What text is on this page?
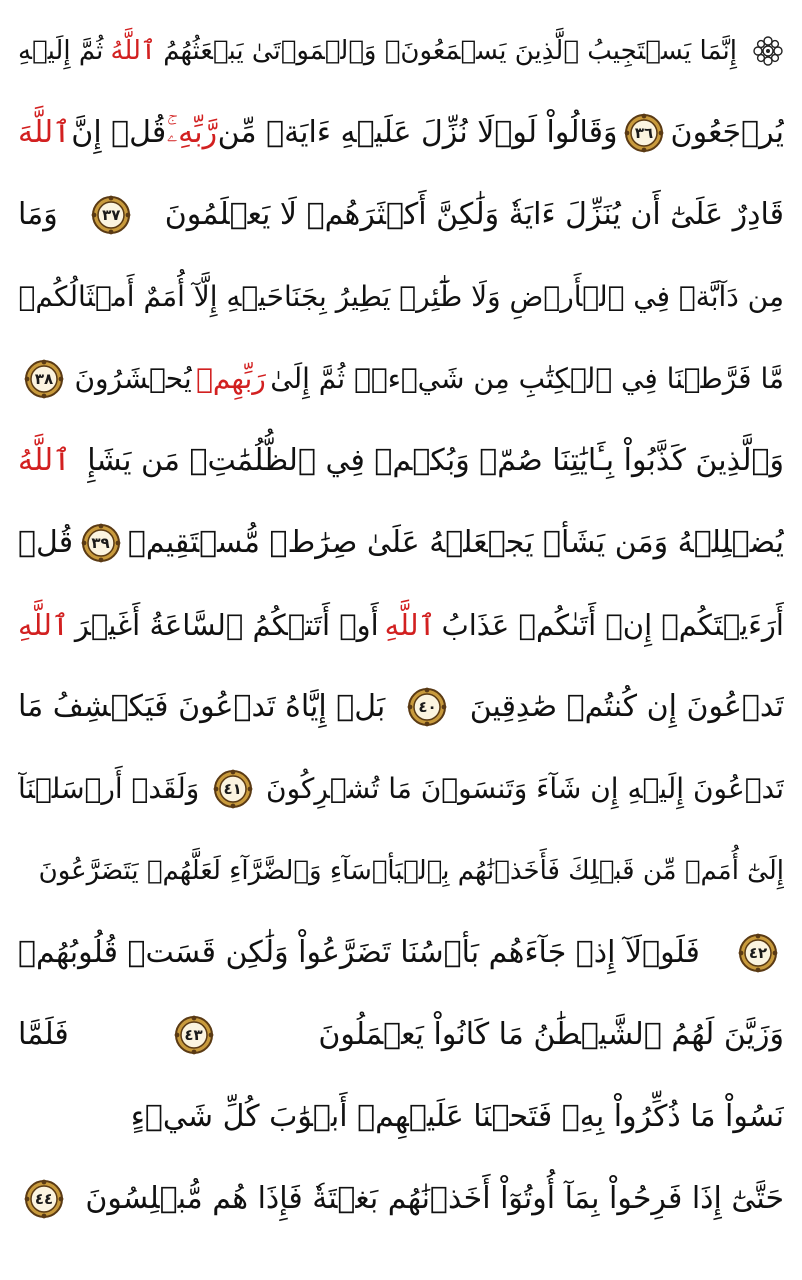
إِنَّمَا يَسۡتَجِيبُ ٱلَّذِينَ يَسۡمَعُونَۘ وَٱلۡمَوۡتَىٰ يَبۡعَثُهُمُ
ٱللَّهُ
ثُمَّ إِلَيۡهِ
يُرۡجَعُونَ
٣٦
وَقَالُواْ لَوۡلَا نُزِّلَ عَلَيۡهِ ءَايَةٞ مِّن
رَّبِّهِۦۚ
قُلۡ إِنَّ
ٱللَّهَ
قَادِرٌ عَلَىٰٓ أَن يُنَزِّلَ ءَايَةٗ وَلَٰكِنَّ أَكۡثَرَهُمۡ لَا يَعۡلَمُونَ
٣٧
وَمَا
مِن دَآبَّةٖ فِي ٱلۡأَرۡضِ وَلَا طَٰٓئِرٖ يَطِيرُ بِجَنَاحَيۡهِ إِلَّآ أُمَمٌ أَمۡثَالُكُمۚ
مَّا فَرَّطۡنَا فِي ٱلۡكِتَٰبِ مِن شَيۡءٖۚ ثُمَّ إِلَىٰ
رَبِّهِمۡ
يُحۡشَرُونَ
٣٨
وَٱلَّذِينَ كَذَّبُواْ بِـَٔايَٰتِنَا صُمّٞ وَبُكۡمٞ فِي ٱلظُّلُمَٰتِۗ مَن يَشَإِ
ٱللَّهُ
يُضۡلِلۡهُ وَمَن يَشَأۡ يَجۡعَلۡهُ عَلَىٰ صِرَٰطٖ مُّسۡتَقِيمٖ
٣٩
قُلۡ
أَرَءَيۡتَكُمۡ إِنۡ أَتَىٰكُمۡ عَذَابُ
ٱللَّهِ
أَوۡ أَتَتۡكُمُ ٱلسَّاعَةُ أَغَيۡرَ
ٱللَّهِ
تَدۡعُونَ إِن كُنتُمۡ صَٰدِقِينَ
٤٠
بَلۡ إِيَّاهُ تَدۡعُونَ فَيَكۡشِفُ مَا
تَدۡعُونَ إِلَيۡهِ إِن شَآءَ وَتَنسَوۡنَ مَا تُشۡرِكُونَ
٤١
وَلَقَدۡ أَرۡسَلۡنَآ
إِلَىٰٓ أُمَمٖ مِّن قَبۡلِكَ فَأَخَذۡنَٰهُم بِٱلۡبَأۡسَآءِ وَٱلضَّرَّآءِ لَعَلَّهُمۡ يَتَضَرَّعُونَ
٤٢
فَلَوۡلَآ إِذۡ جَآءَهُم بَأۡسُنَا تَضَرَّعُواْ وَلَٰكِن قَسَتۡ قُلُوبُهُمۡ
وَزَيَّنَ لَهُمُ ٱلشَّيۡطَٰنُ مَا كَانُواْ يَعۡمَلُونَ
٤٣
فَلَمَّا
نَسُواْ مَا ذُكِّرُواْ بِهِۦ فَتَحۡنَا عَلَيۡهِمۡ أَبۡوَٰبَ كُلِّ شَيۡءٍ
حَتَّىٰٓ إِذَا فَرِحُواْ بِمَآ أُوتُوٓاْ أَخَذۡنَٰهُم بَغۡتَةٗ فَإِذَا هُم مُّبۡلِسُونَ
٤٤
